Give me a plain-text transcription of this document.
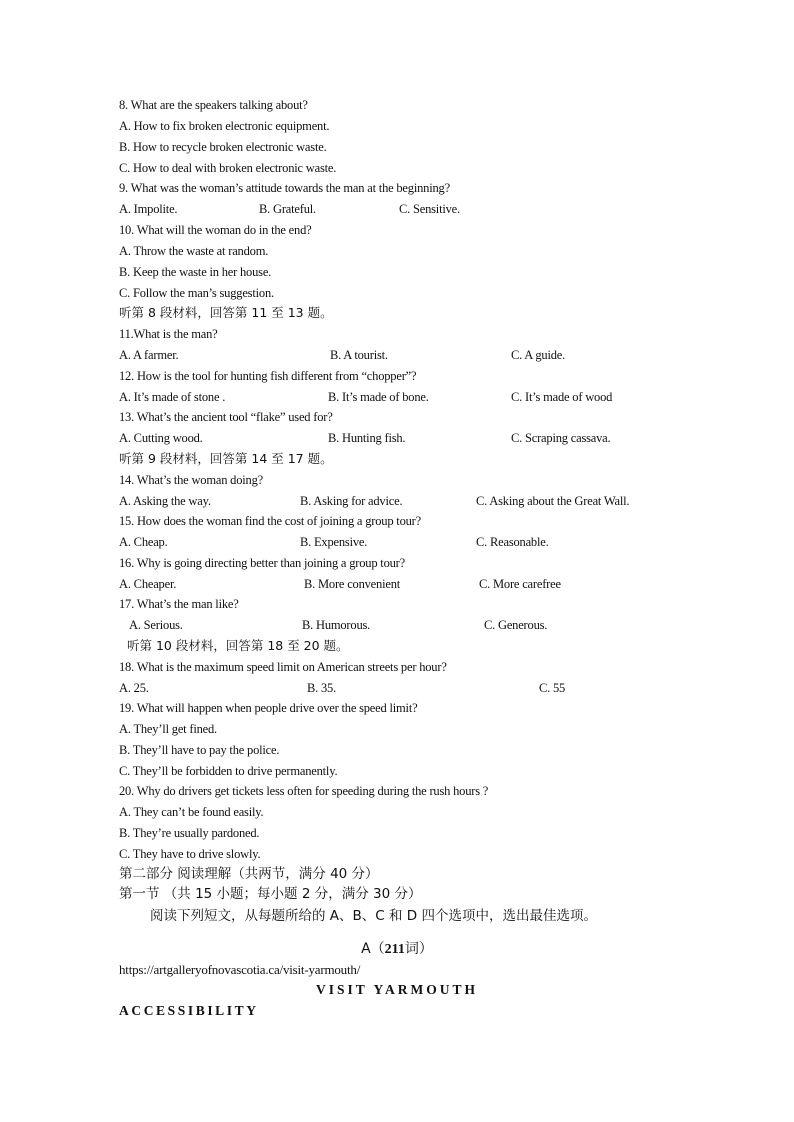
8. What are the speakers talking about?
A. How to fix broken electronic equipment.
B. How to recycle broken electronic waste.
C. How to deal with broken electronic waste.
9. What was the woman’s attitude towards the man at the beginning?
A. Impolite.	B. Grateful.	C. Sensitive.
10. What will the woman do in the end?
A. Throw the waste at random.
B. Keep the waste in her house.
C. Follow the man’s suggestion.
听第 8 段材料，回答第 11 至 13 题。
11.What is the man?
A. A farmer.	B. A tourist.	C. A guide.
12. How is the tool for hunting fish different from “chopper”?
A. It’s made of stone .	B. It’s made of bone.	C. It’s made of wood
13. What’s the ancient tool “flake” used for?
A. Cutting wood.	B. Hunting fish.	C. Scraping cassava.
听第 9 段材料，回答第 14 至 17 题。
14. What’s the woman doing?
A. Asking the way.	B. Asking for advice.	C. Asking about the Great Wall.
15. How does the woman find the cost of joining a group tour?
A. Cheap.	B. Expensive.	C. Reasonable.
16. Why is going directing better than joining a group tour?
A. Cheaper.	B. More convenient	C. More carefree
17. What’s the man like?
A. Serious.	B. Humorous.	C. Generous.
听第 10 段材料，回答第 18 至 20 题。
18. What is the maximum speed limit on American streets per hour?
A. 25.	B. 35.	C. 55
19. What will happen when people drive over the speed limit?
A. They’ll get fined.
B. They’ll have to pay the police.
C. They’ll be forbidden to drive permanently.
20. Why do drivers get tickets less often for speeding during the rush hours ?
A. They can’t be found easily.
B. They’re usually pardoned.
C. They have to drive slowly.
第二部分 阅读理解（共两节，满分 40 分）
第一节 （共 15 小题；每小题 2 分，满分 30 分）
阅读下列短文，从每题所给的 A、B、C 和 D 四个选项中，选出最佳选项。
A（211词）
https://artgalleryofnovascotia.ca/visit-yarmouth/
VISIT YARMOUTH
ACCESSIBILITY
